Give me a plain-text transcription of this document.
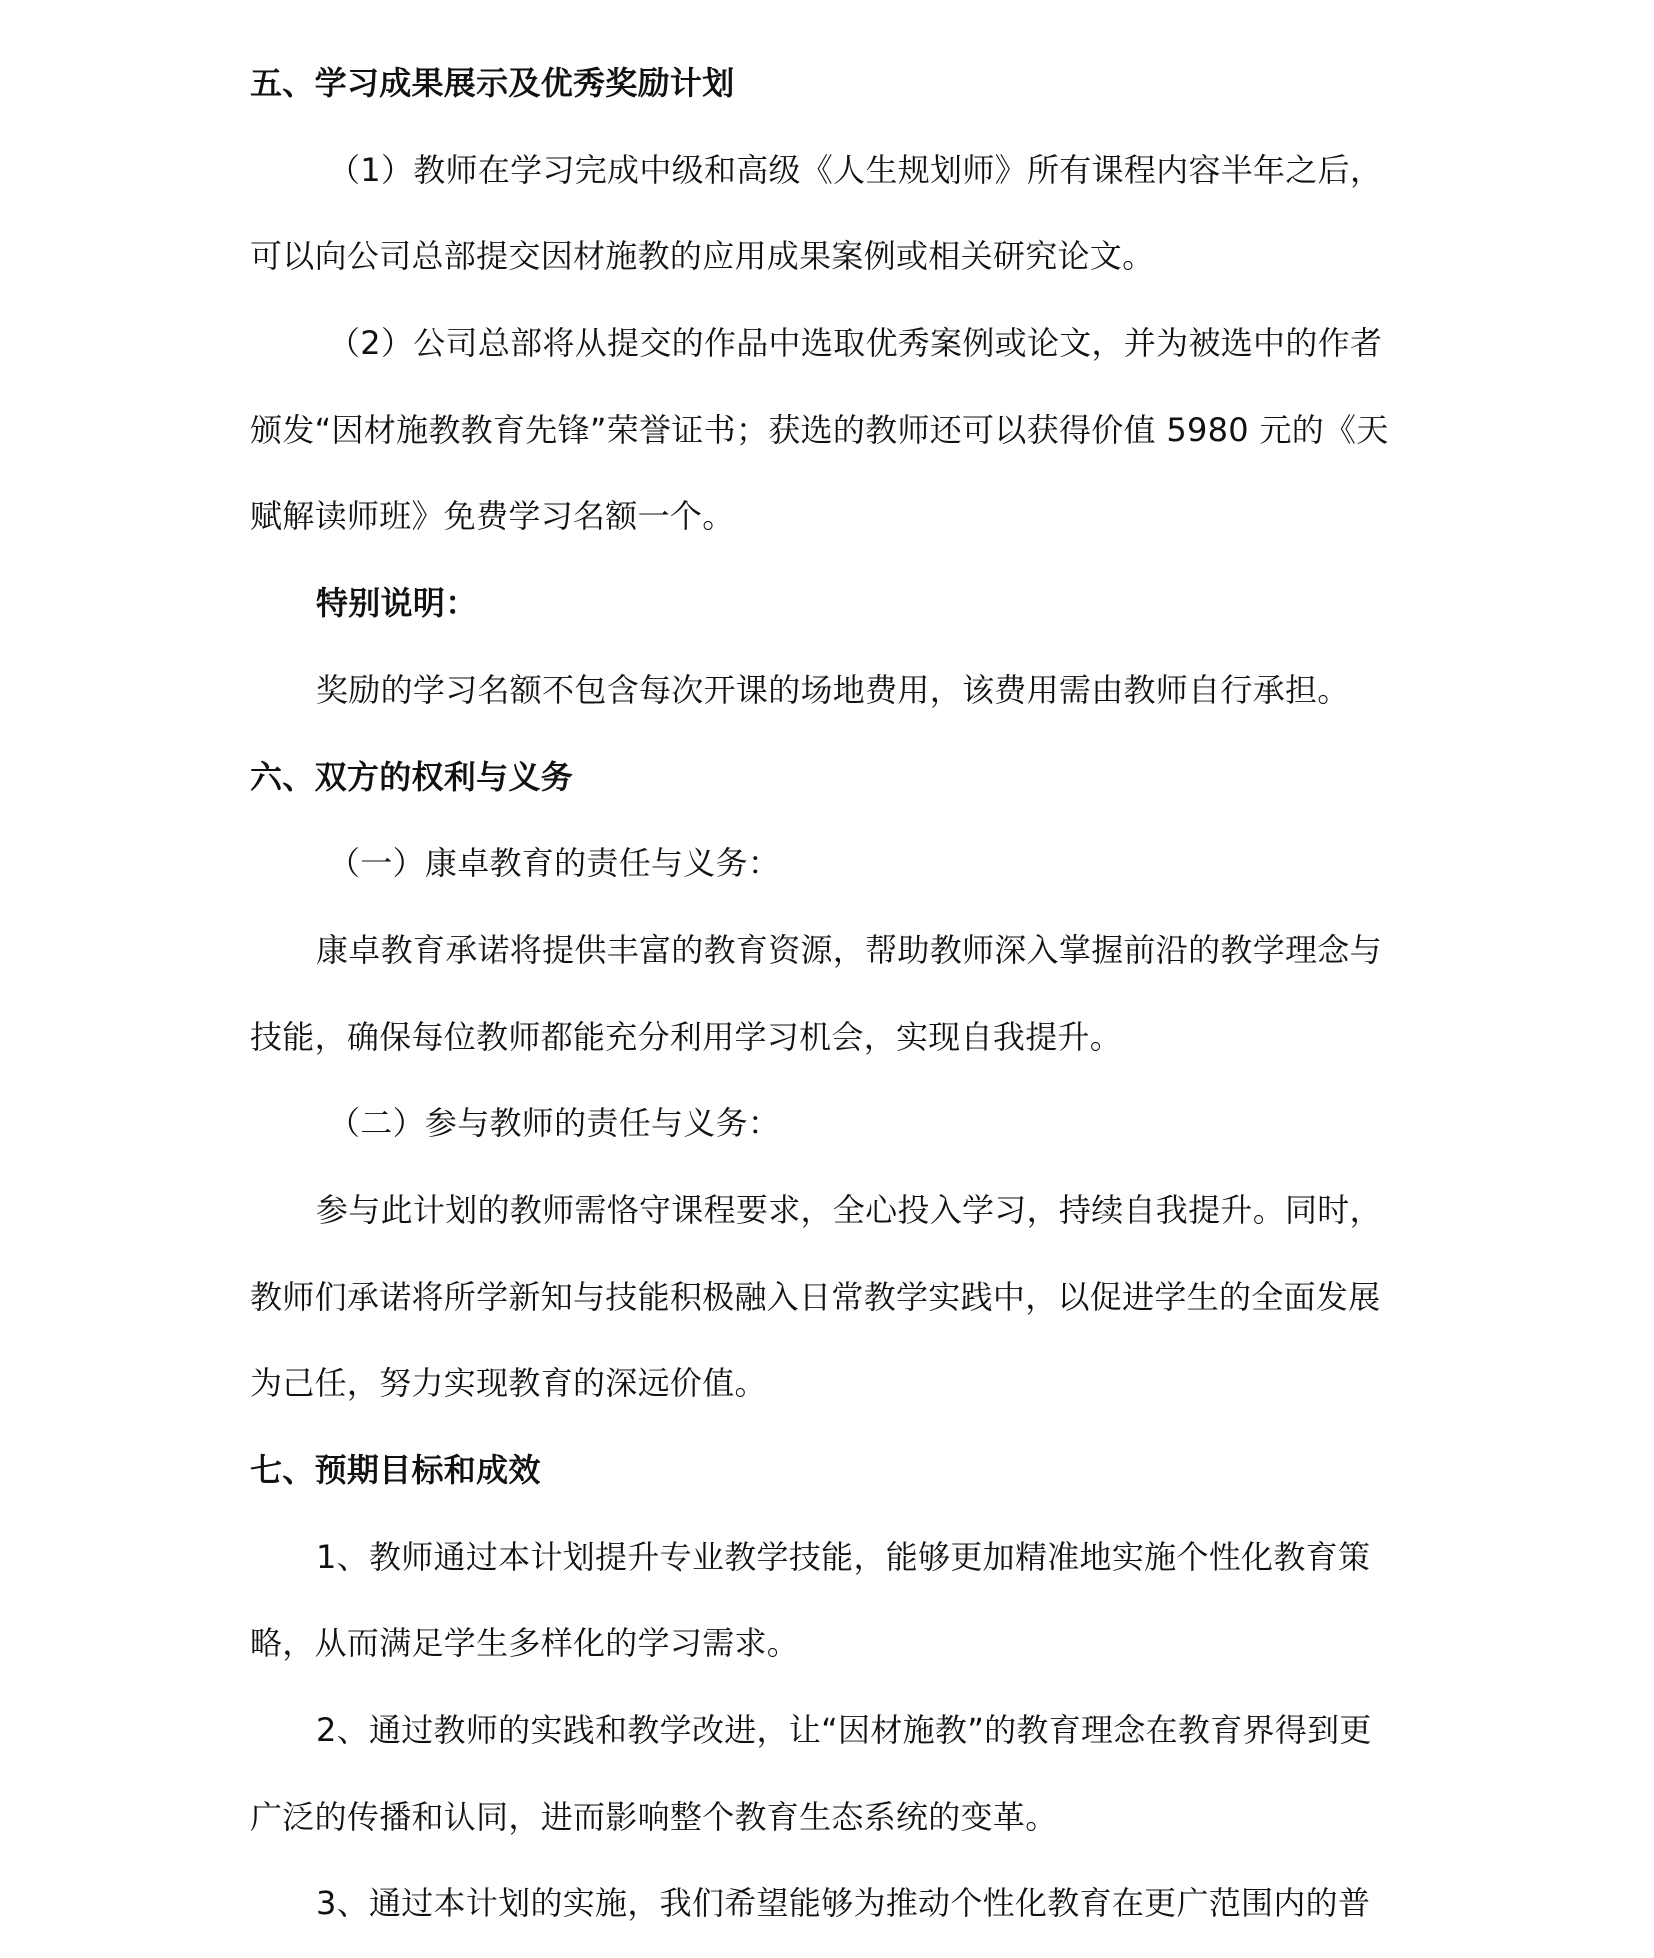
五、学习成果展示及优秀奖励计划
（1）教师在学习完成中级和高级《人生规划师》所有课程内容半年之后，
可以向公司总部提交因材施教的应用成果案例或相关研究论文。
（2）公司总部将从提交的作品中选取优秀案例或论文，并为被选中的作者
颁发“因材施教教育先锋”荣誉证书；获选的教师还可以获得价值 5980 元的《天
赋解读师班》免费学习名额一个。
特别说明：
奖励的学习名额不包含每次开课的场地费用，该费用需由教师自行承担。
六、双方的权利与义务
（一）康卓教育的责任与义务：
康卓教育承诺将提供丰富的教育资源，帮助教师深入掌握前沿的教学理念与
技能，确保每位教师都能充分利用学习机会，实现自我提升。
（二）参与教师的责任与义务：
参与此计划的教师需恪守课程要求，全心投入学习，持续自我提升。同时，
教师们承诺将所学新知与技能积极融入日常教学实践中，以促进学生的全面发展
为己任，努力实现教育的深远价值。
七、预期目标和成效
1、教师通过本计划提升专业教学技能，能够更加精准地实施个性化教育策
略，从而满足学生多样化的学习需求。
2、通过教师的实践和教学改进，让“因材施教”的教育理念在教育界得到更
广泛的传播和认同，进而影响整个教育生态系统的变革。
3、通过本计划的实施，我们希望能够为推动个性化教育在更广范围内的普
